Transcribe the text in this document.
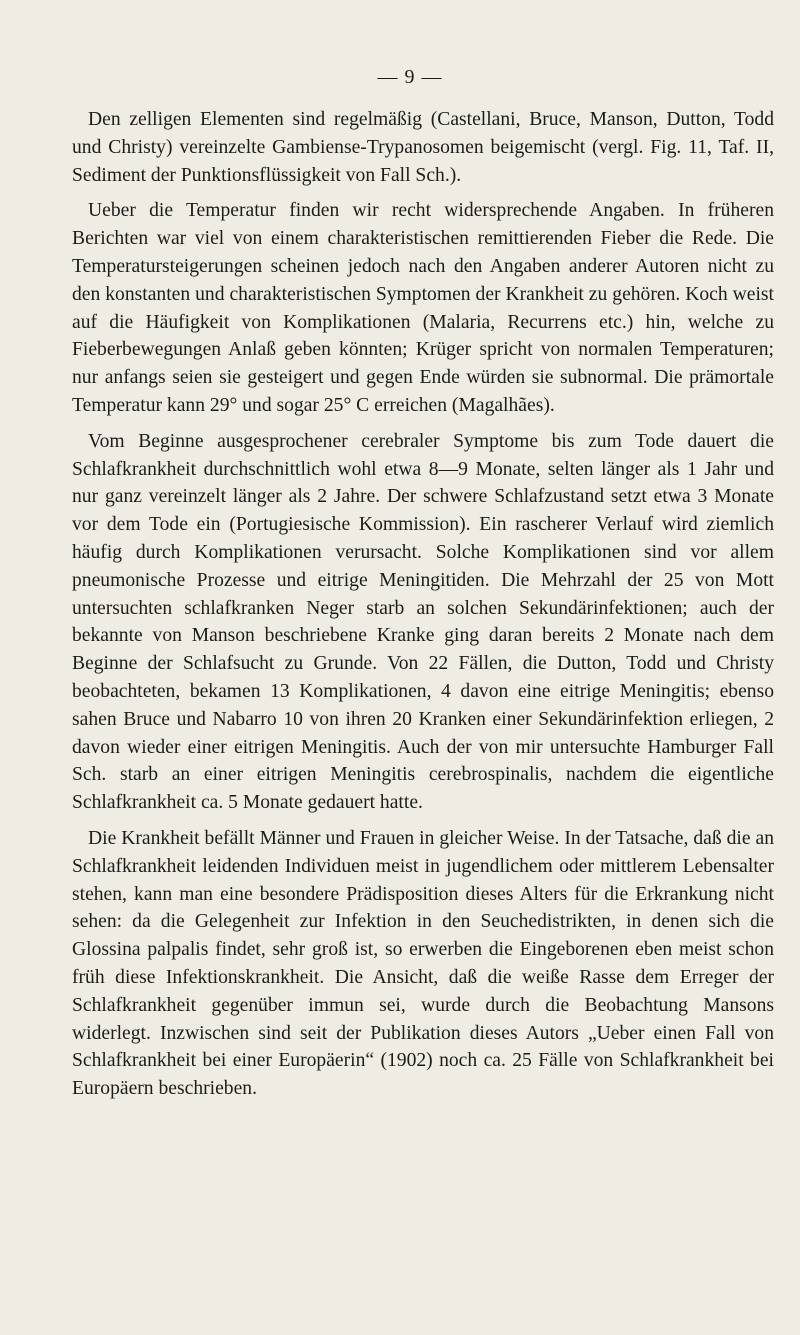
— 9 —

Den zelligen Elementen sind regelmäßig (Castellani, Bruce, Manson, Dutton, Todd und Christy) vereinzelte Gambiense-Trypanosomen beigemischt (vergl. Fig. 11, Taf. II, Sediment der Punktionsflüssigkeit von Fall Sch.).

Ueber die Temperatur finden wir recht widersprechende Angaben. In früheren Berichten war viel von einem charakteristischen remittierenden Fieber die Rede. Die Temperatursteigerungen scheinen jedoch nach den Angaben anderer Autoren nicht zu den konstanten und charakteristischen Symptomen der Krankheit zu gehören. Koch weist auf die Häufigkeit von Komplikationen (Malaria, Recurrens etc.) hin, welche zu Fieberbewegungen Anlaß geben könnten; Krüger spricht von normalen Temperaturen; nur anfangs seien sie gesteigert und gegen Ende würden sie subnormal. Die prämortale Temperatur kann 29° und sogar 25° C erreichen (Magalhães).

Vom Beginne ausgesprochener cerebraler Symptome bis zum Tode dauert die Schlafkrankheit durchschnittlich wohl etwa 8—9 Monate, selten länger als 1 Jahr und nur ganz vereinzelt länger als 2 Jahre. Der schwere Schlafzustand setzt etwa 3 Monate vor dem Tode ein (Portugiesische Kommission). Ein rascherer Verlauf wird ziemlich häufig durch Komplikationen verursacht. Solche Komplikationen sind vor allem pneumonische Prozesse und eitrige Meningitiden. Die Mehrzahl der 25 von Mott untersuchten schlafkranken Neger starb an solchen Sekundärinfektionen; auch der bekannte von Manson beschriebene Kranke ging daran bereits 2 Monate nach dem Beginne der Schlafsucht zu Grunde. Von 22 Fällen, die Dutton, Todd und Christy beobachteten, bekamen 13 Komplikationen, 4 davon eine eitrige Meningitis; ebenso sahen Bruce und Nabarro 10 von ihren 20 Kranken einer Sekundärinfektion erliegen, 2 davon wieder einer eitrigen Meningitis. Auch der von mir untersuchte Hamburger Fall Sch. starb an einer eitrigen Meningitis cerebrospinalis, nachdem die eigentliche Schlafkrankheit ca. 5 Monate gedauert hatte.

Die Krankheit befällt Männer und Frauen in gleicher Weise. In der Tatsache, daß die an Schlafkrankheit leidenden Individuen meist in jugendlichem oder mittlerem Lebensalter stehen, kann man eine besondere Prädisposition dieses Alters für die Erkrankung nicht sehen: da die Gelegenheit zur Infektion in den Seuchedistrikten, in denen sich die Glossina palpalis findet, sehr groß ist, so erwerben die Eingeborenen eben meist schon früh diese Infektionskrankheit. Die Ansicht, daß die weiße Rasse dem Erreger der Schlafkrankheit gegenüber immun sei, wurde durch die Beobachtung Mansons widerlegt. Inzwischen sind seit der Publikation dieses Autors „Ueber einen Fall von Schlafkrankheit bei einer Europäerin“ (1902) noch ca. 25 Fälle von Schlafkrankheit bei Europäern beschrieben.
